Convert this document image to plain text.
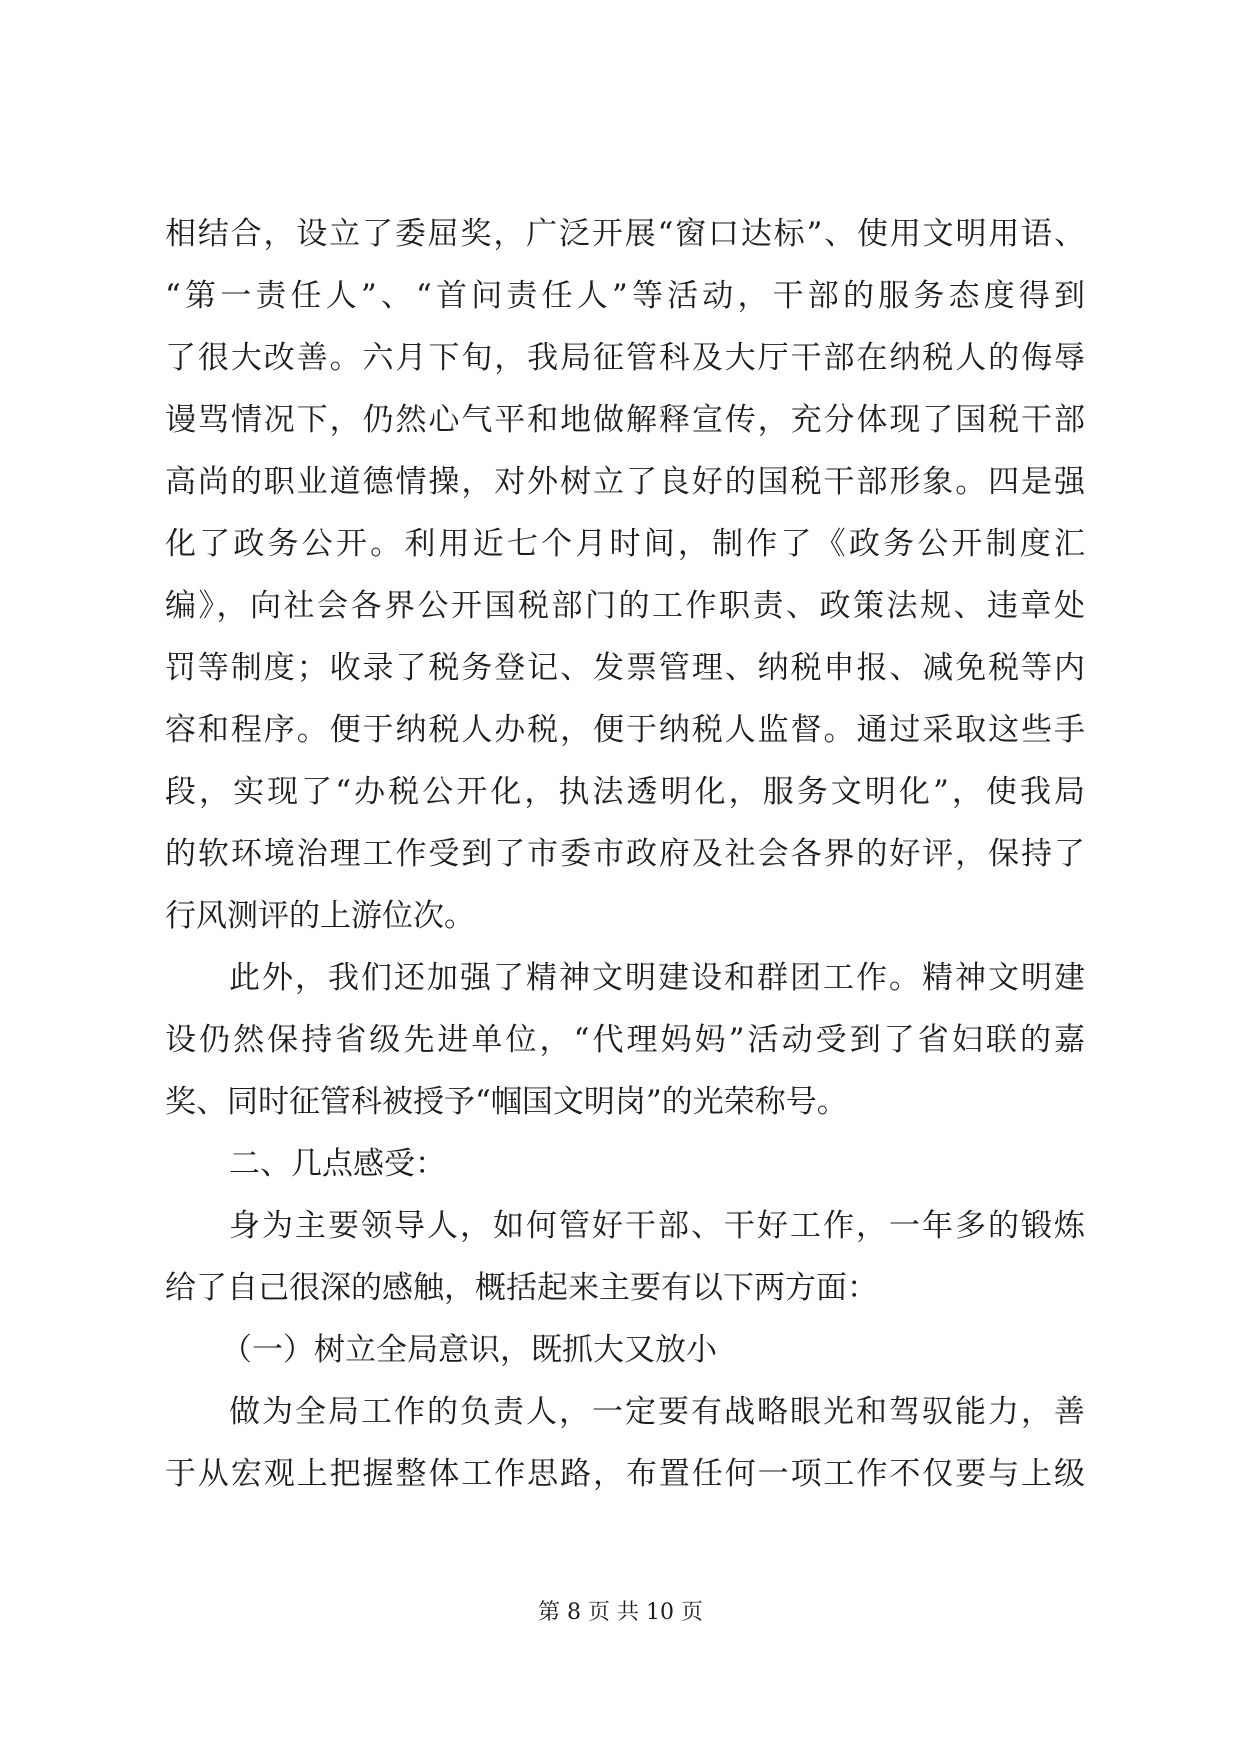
相结合，设立了委屈奖，广泛开展“窗口达标”、使用文明用语、
“第一责任人”、“首问责任人”等活动，干部的服务态度得到
了很大改善。六月下旬，我局征管科及大厅干部在纳税人的侮辱
谩骂情况下，仍然心气平和地做解释宣传，充分体现了国税干部
高尚的职业道德情操，对外树立了良好的国税干部形象。四是强
化了政务公开。利用近七个月时间，制作了《政务公开制度汇
编》，向社会各界公开国税部门的工作职责、政策法规、违章处
罚等制度；收录了税务登记、发票管理、纳税申报、减免税等内
容和程序。便于纳税人办税，便于纳税人监督。通过采取这些手
段，实现了“办税公开化，执法透明化，服务文明化”，使我局
的软环境治理工作受到了市委市政府及社会各界的好评，保持了
行风测评的上游位次。
此外，我们还加强了精神文明建设和群团工作。精神文明建
设仍然保持省级先进单位，“代理妈妈”活动受到了省妇联的嘉
奖、同时征管科被授予“帼国文明岗”的光荣称号。
二、几点感受：
身为主要领导人，如何管好干部、干好工作，一年多的锻炼
给了自己很深的感触，概括起来主要有以下两方面：
（一）树立全局意识，既抓大又放小
做为全局工作的负责人，一定要有战略眼光和驾驭能力，善
于从宏观上把握整体工作思路，布置任何一项工作不仅要与上级
第 8 页 共 10 页
